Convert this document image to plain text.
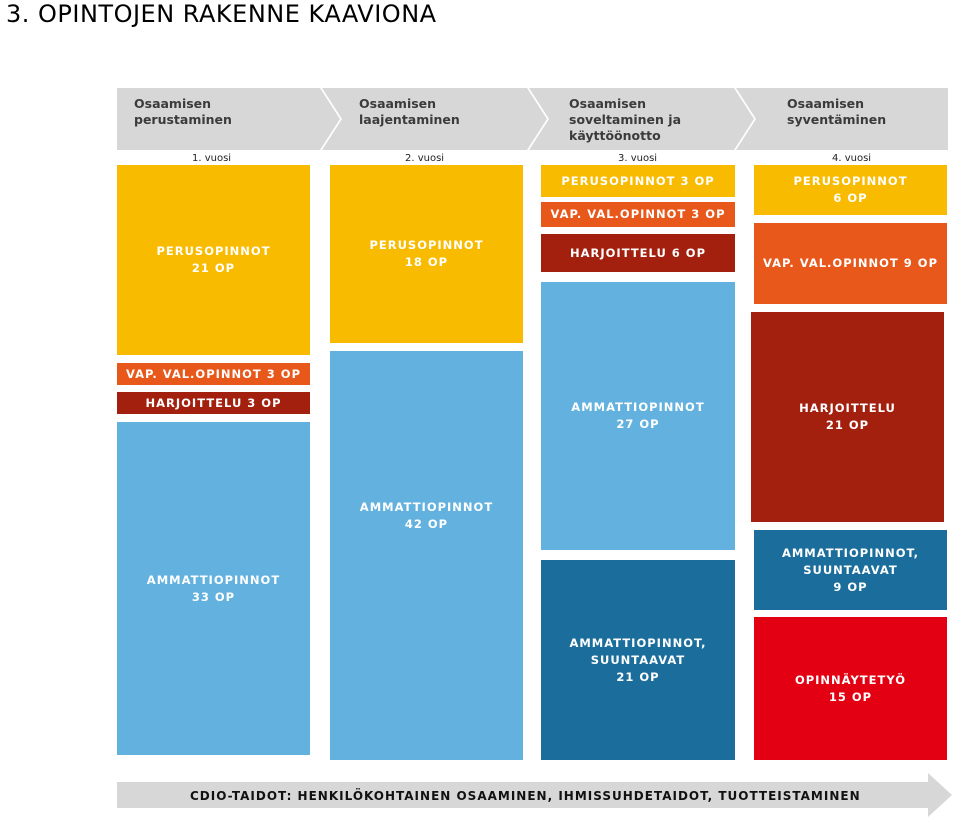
3. OPINTOJEN RAKENNE KAAVIONA
Osaamisen
perustaminen
Osaamisen
laajentaminen
Osaamisen
soveltaminen ja
käyttöönotto
Osaamisen
syventäminen
1. vuosi	2. vuosi	3. vuosi	4. vuosi
PERUSOPINNOT
21 OP
VAP. VAL.OPINNOT 3 OP
HARJOITTELU 3 OP
AMMATTIOPINNOT
33 OP
PERUSOPINNOT
18 OP
AMMATTIOPINNOT
42 OP
PERUSOPINNOT 3 OP
VAP. VAL.OPINNOT 3 OP
HARJOITTELU 6 OP
AMMATTIOPINNOT
27 OP
AMMATTIOPINNOT,
SUUNTAAVAT
21 OP
PERUSOPINNOT
6 OP
VAP. VAL.OPINNOT 9 OP
HARJOITTELU
21 OP
AMMATTIOPINNOT,
SUUNTAAVAT
9 OP
OPINNÄYTETYÖ
15 OP
CDIO-TAIDOT: HENKILÖKOHTAINEN OSAAMINEN, IHMISSUHDETAIDOT, TUOTTEISTAMINEN
